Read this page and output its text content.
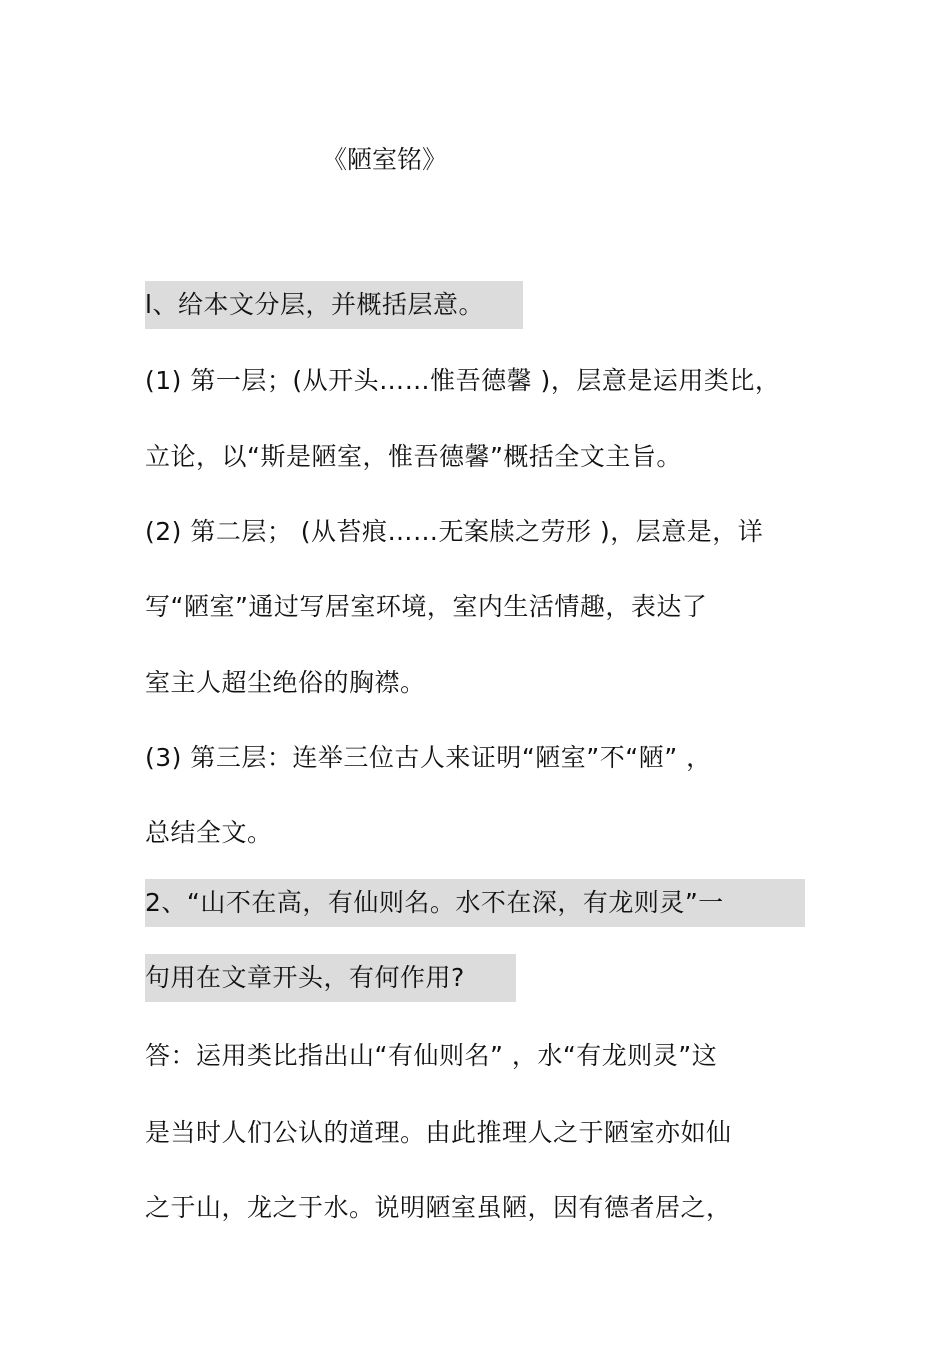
《陋室铭》
l、给本文分层，并概括层意。
(1) 第一层；(从开头……惟吾德馨 )，层意是运用类比，
立论，以“斯是陋室，惟吾德馨”概括全文主旨。
(2) 第二层； (从苔痕……无案牍之劳形 )，层意是，详
写“陋室”通过写居室环境，室内生活情趣，表达了
室主人超尘绝俗的胸襟。
(3) 第三层：连举三位古人来证明“陋室”不“陋” ，
总结全文。
2、“山不在高，有仙则名。水不在深，有龙则灵”一
句用在文章开头，有何作用?
答：运用类比指出山“有仙则名” ，水“有龙则灵”这
是当时人们公认的道理。由此推理人之于陋室亦如仙
之于山，龙之于水。说明陋室虽陋，因有德者居之，
